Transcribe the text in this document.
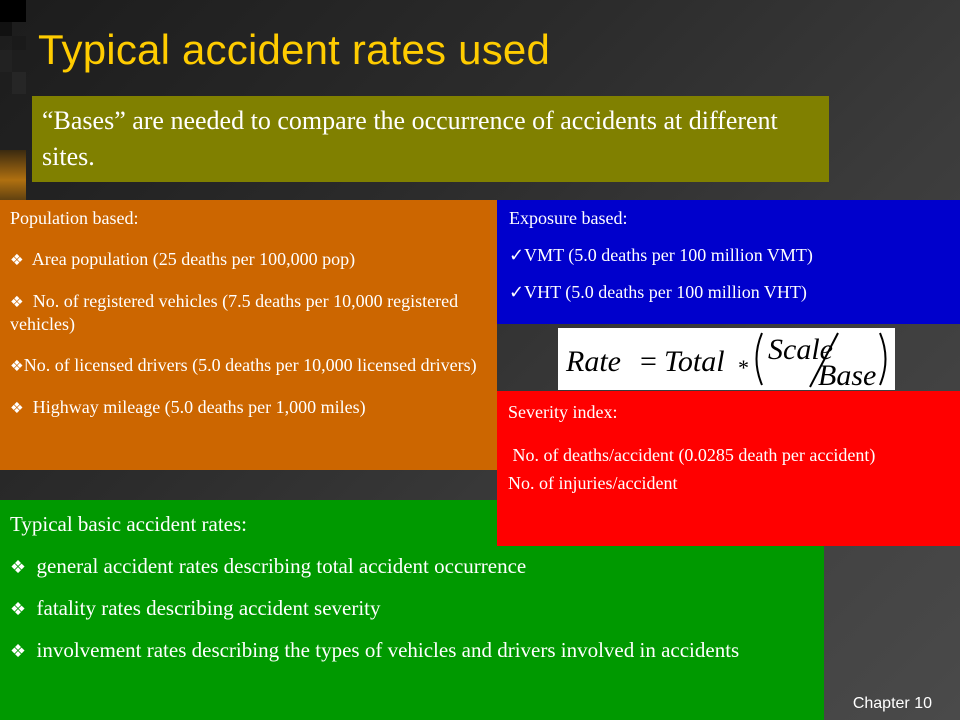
Typical accident rates used
“Bases” are needed to compare the occurrence of accidents at different sites.

Population based:

❖ Area population (25 deaths per 100,000 pop)

❖ No. of registered vehicles (7.5 deaths per 10,000 registered vehicles)

❖No. of licensed drivers (5.0 deaths per 10,000 licensed drivers)

❖ Highway mileage (5.0 deaths per 1,000 miles)

Exposure based:

✓VMT (5.0 deaths per 100 million VMT)

✓VHT (5.0 deaths per 100 million VHT)

Rate = Total *
Scale
Base

Typical basic accident rates:

❖ general accident rates describing total accident occurrence

❖ fatality rates describing accident severity

❖ involvement rates describing the types of vehicles and drivers involved in accidents

Severity index:

No. of deaths/accident (0.0285 death per accident)

No. of injuries/accident

Chapter 10
